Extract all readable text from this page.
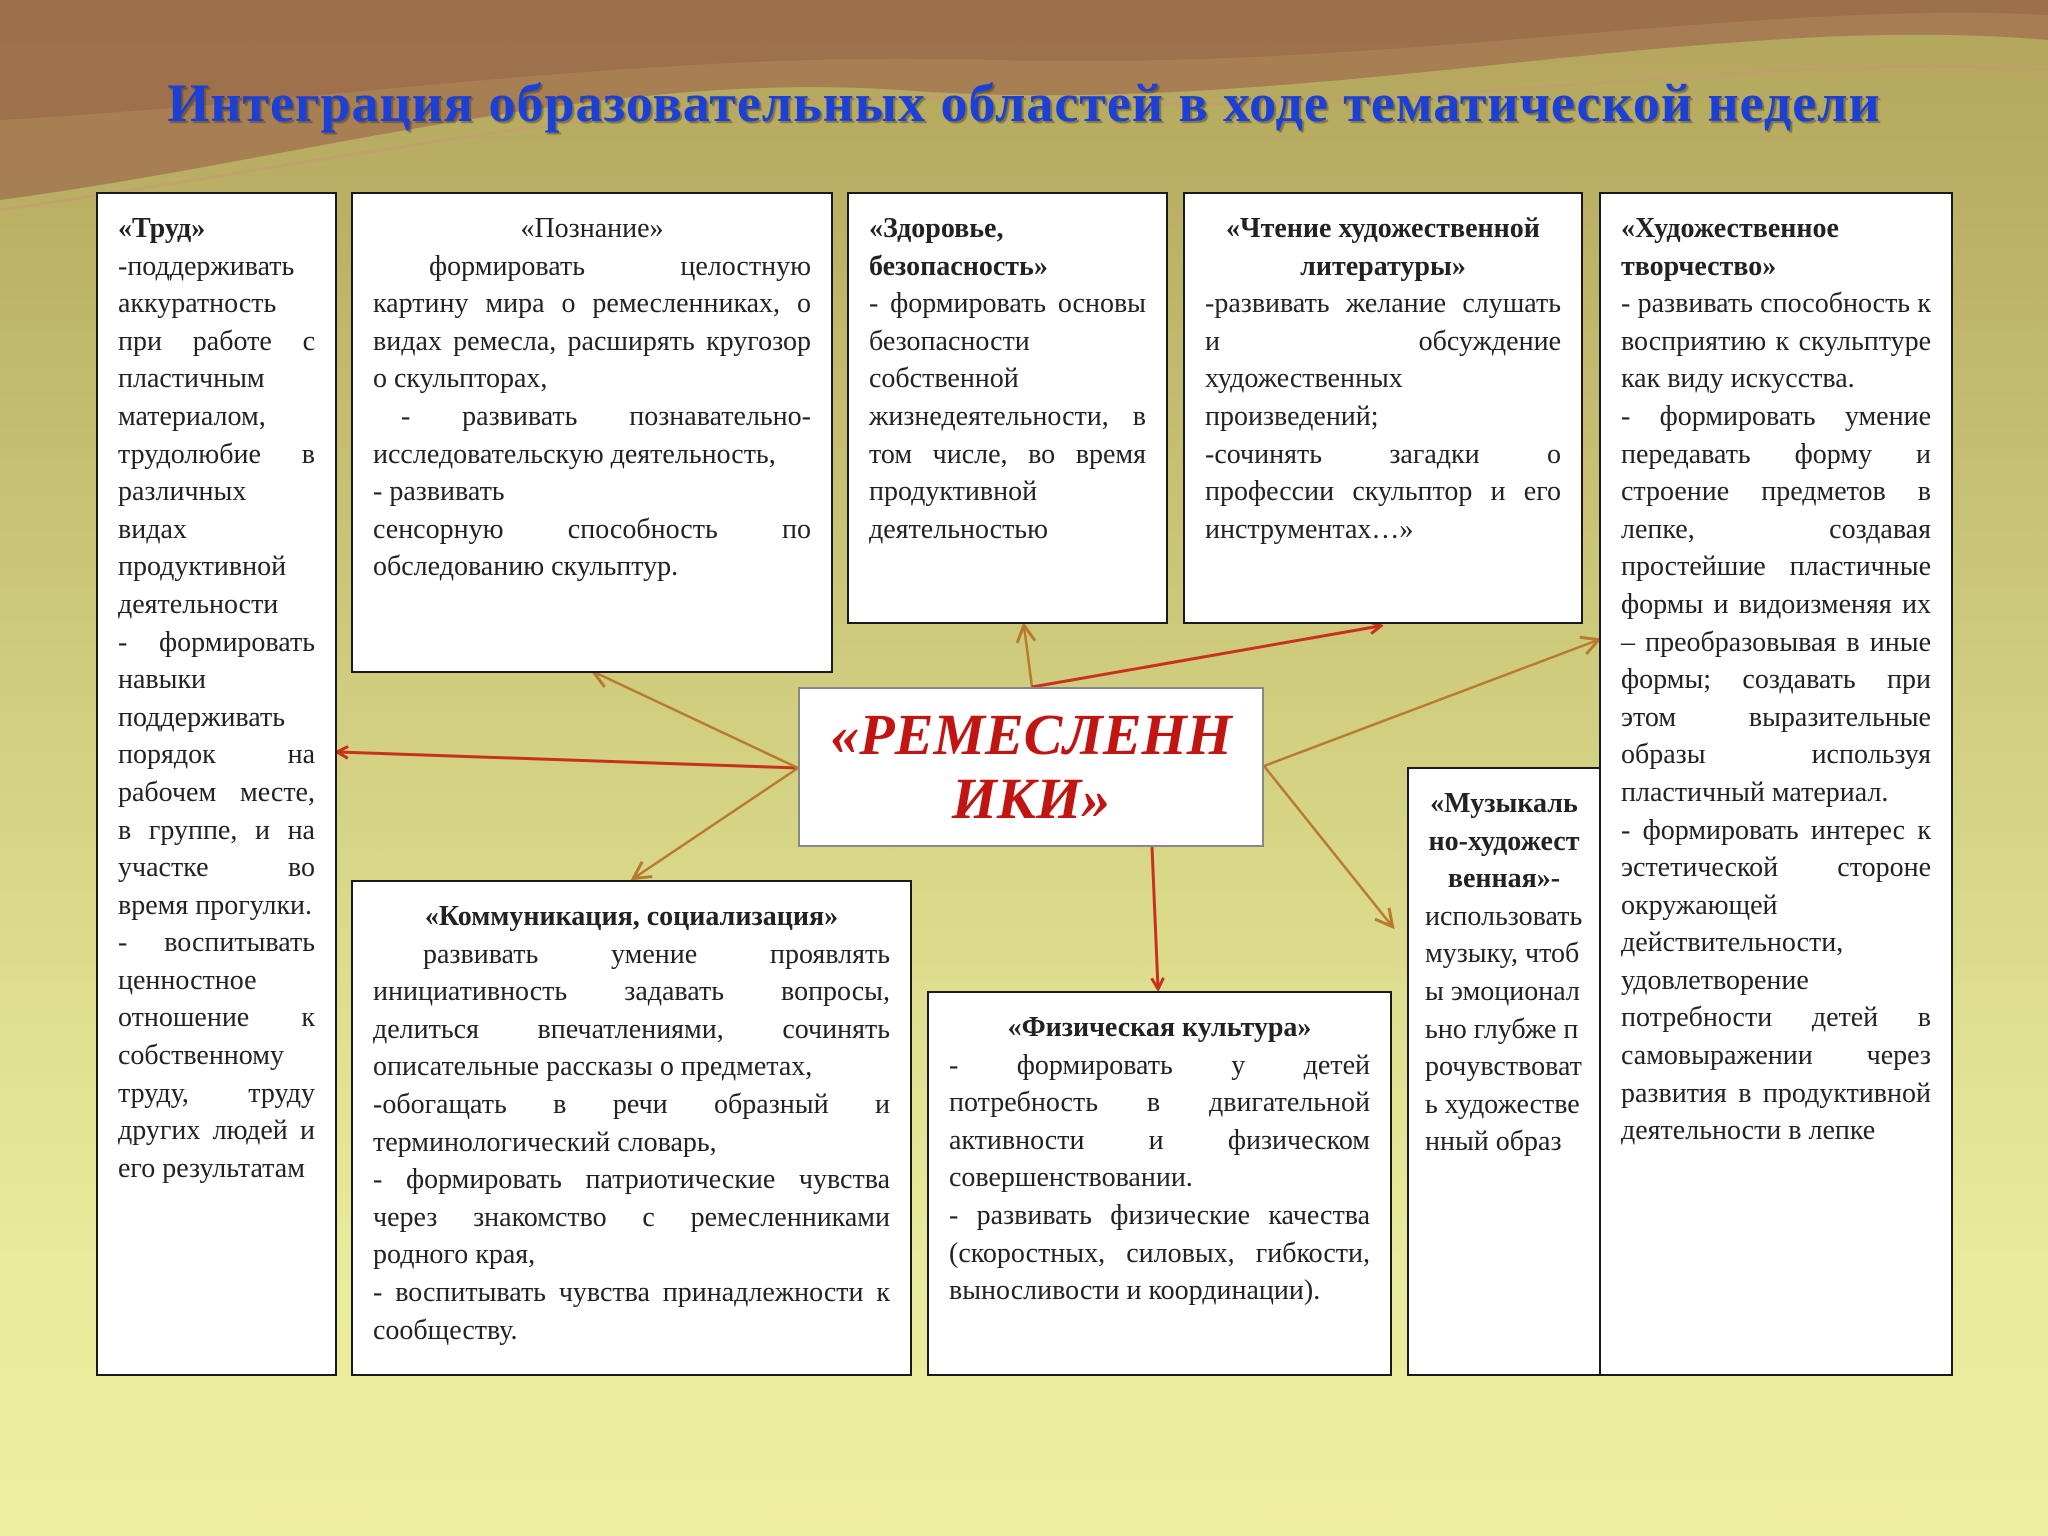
Интеграция образовательных областей в ходе тематической недели

«Труд»

-поддерживать аккуратность при работе с пластичным материалом, трудолюбие в различных видах продуктивной деятельности

- формировать навыки поддерживать порядок на рабочем месте, в группе, и на участке во время прогулки.

- воспитывать ценностное отношение к собственному труду, труду других людей и его результатам

«Познание»

формировать целостную картину мира о ремесленниках, о видах ремесла, расширять кругозор о скульпторах,

- развивать познавательно-исследовательскую деятельность,

- развивать

сенсорную способность по обследованию скульптур.

«Здоровье, безопасность»

- формировать основы безопасности собственной жизнедеятельности, в том числе, во время продуктивной деятельностью

«Чтение художественной литературы»

-развивать желание слушать и обсуждение художественных произведений;

-сочинять загадки о профессии скульптор и его инструментах…»

«Художественное творчество»

- развивать способность к восприятию к скульптуре как виду искусства.

- формировать умение передавать форму и строение предметов в лепке, создавая простейшие пластичные формы и видоизменяя их – преобразовывая в иные формы; создавать при этом выразительные образы используя пластичный материал.

- формировать интерес к эстетической стороне окружающей действительности, удовлетворение потребности детей в самовыражении через развития в продуктивной деятельности в лепке

«Музыкально-художественная»-

использовать музыку, чтобы эмоционально глубже прочувствовать художественный образ

«Коммуникация, социализация»

развивать умение проявлять инициативность задавать вопросы, делиться впечатлениями, сочинять описательные рассказы о предметах,

-обогащать в речи образный и терминологический словарь,

- формировать патриотические чувства через знакомство с ремесленниками родного края,

- воспитывать чувства принадлежности к сообществу.

«Физическая культура»

- формировать у детей потребность в двигательной активности и физическом совершенствовании.

- развивать физические качества (скоростных, силовых, гибкости, выносливости и координации).

«РЕМЕСЛЕНН
ИКИ»
